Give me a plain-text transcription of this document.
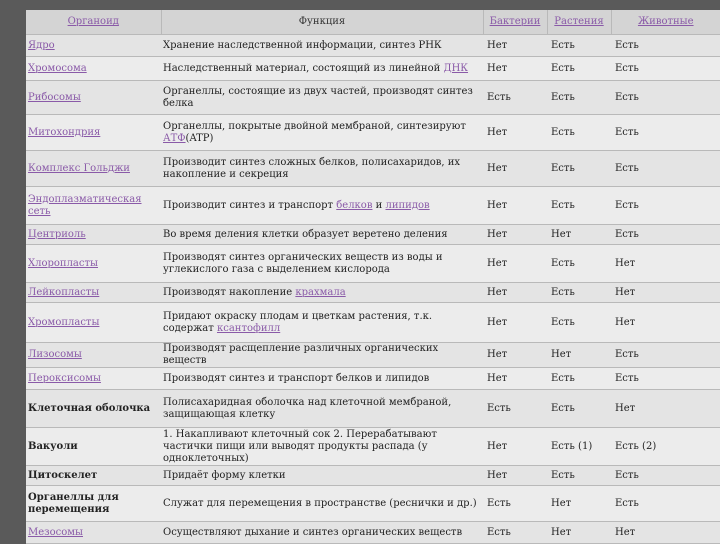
Органоид	Функция	Бактерии	Растения	Животные
Ядро	Хранение наследственной информации, синтез РНК	Нет	Есть	Есть
Хромосома	Наследственный материал, состоящий из линейной ДНК	Нет	Есть	Есть
Рибосомы	Органеллы, состоящие из двух частей, производят синтез белка	Есть	Есть	Есть
Митохондрия	Органеллы, покрытые двойной мембраной, синтезируют АТФ(ATP)	Нет	Есть	Есть
Комплекс Гольджи	Производит синтез сложных белков, полисахаридов, их накопление и секреция	Нет	Есть	Есть
Эндоплазматическая сеть	Производит синтез и транспорт белков и липидов	Нет	Есть	Есть
Центриоль	Во время деления клетки образует веретено деления	Нет	Нет	Есть
Хлоропласты	Производят синтез органических веществ из воды и углекислого газа с выделением кислорода	Нет	Есть	Нет
Лейкопласты	Производят накопление крахмала	Нет	Есть	Нет
Хромопласты	Придают окраску плодам и цветкам растения, т.к. содержат ксантофилл	Нет	Есть	Нет
Лизосомы	Производят расщепление различных органических веществ	Нет	Нет	Есть
Пероксисомы	Производят синтез и транспорт белков и липидов	Нет	Есть	Есть
Клеточная оболочка	Полисахаридная оболочка над клеточной мембраной, защищающая клетку	Есть	Есть	Нет
Вакуоли	1. Накапливают клеточный сок 2. Перерабатывают частички пищи или выводят продукты распада (у одноклеточных)	Нет	Есть (1)	Есть (2)
Цитоскелет	Придаёт форму клетки	Нет	Есть	Есть
Органеллы для перемещения	Служат для перемещения в пространстве (реснички и др.)	Есть	Нет	Есть
Мезосомы	Осуществляют дыхание и синтез органических веществ	Есть	Нет	Нет
